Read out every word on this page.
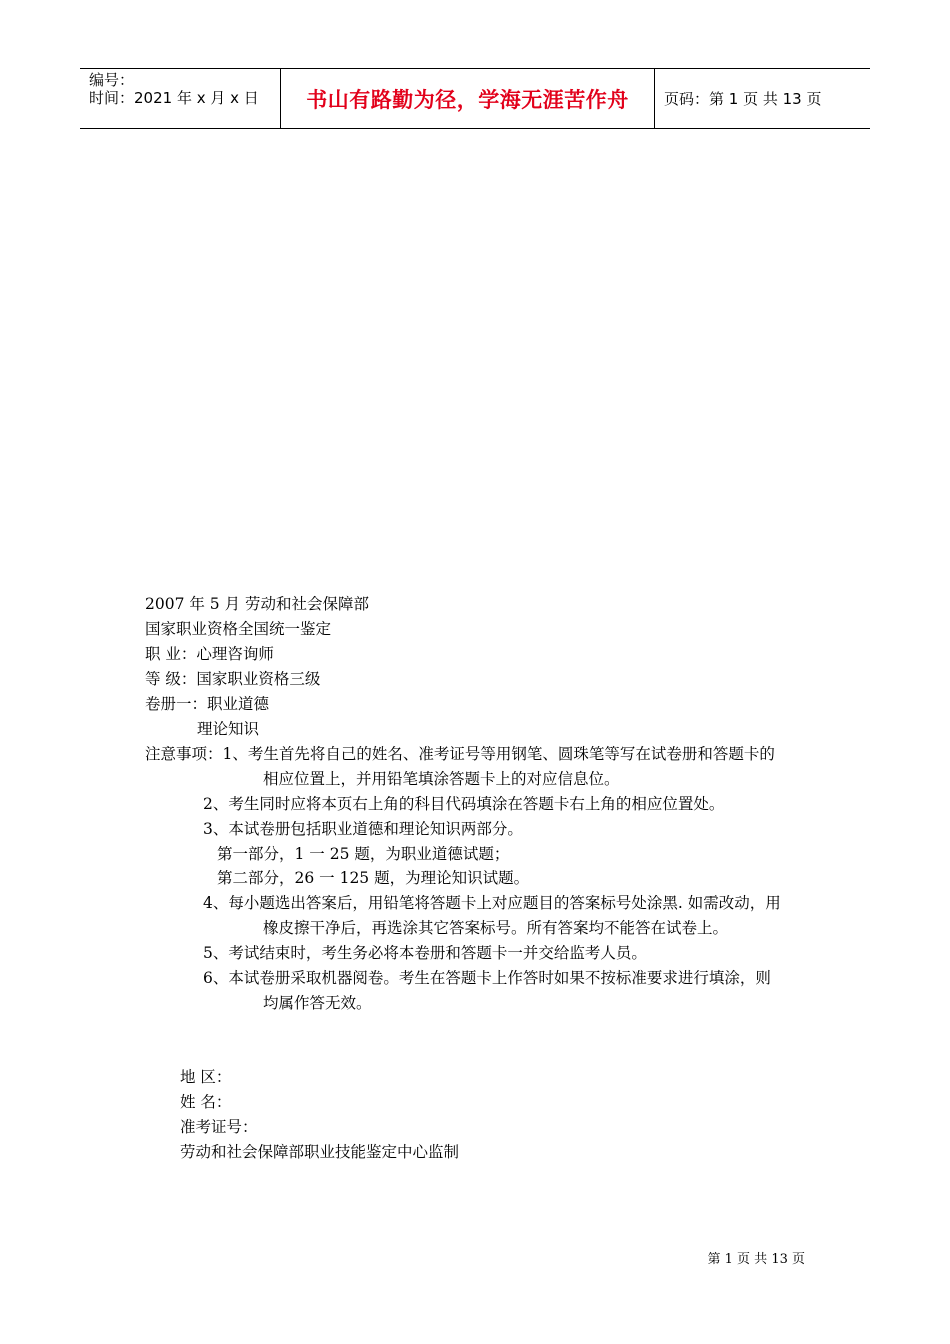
编号：
时间：2021 年 x 月 x 日	书山有路勤为径，学海无涯苦作舟 页码：第 1 页 共 13 页
2007 年 5 月 劳动和社会保障部
国家职业资格全国统一鉴定
职 业：心理咨询师
等 级：国家职业资格三级
卷册一：职业道德
理论知识
注意事项：1、考生首先将自己的姓名、准考证号等用钢笔、圆珠笔等写在试卷册和答题卡的
相应位置上，并用铅笔填涂答题卡上的对应信息位。
2、考生同时应将本页右上角的科目代码填涂在答题卡右上角的相应位置处。
3、本试卷册包括职业道德和理论知识两部分。
第一部分，1 一 25 题，为职业道德试题；
第二部分，26 一 125 题，为理论知识试题。
4、每小题选出答案后，用铅笔将答题卡上对应题目的答案标号处涂黑. 如需改动，用
橡皮擦干净后，再选涂其它答案标号。所有答案均不能答在试卷上。
5、考试结束时，考生务必将本卷册和答题卡一并交给监考人员。
6、本试卷册采取机器阅卷。考生在答题卡上作答时如果不按标准要求进行填涂，则
均属作答无效。
地 区：
姓 名：
准考证号：
劳动和社会保障部职业技能鉴定中心监制
第 1 页 共 13 页
